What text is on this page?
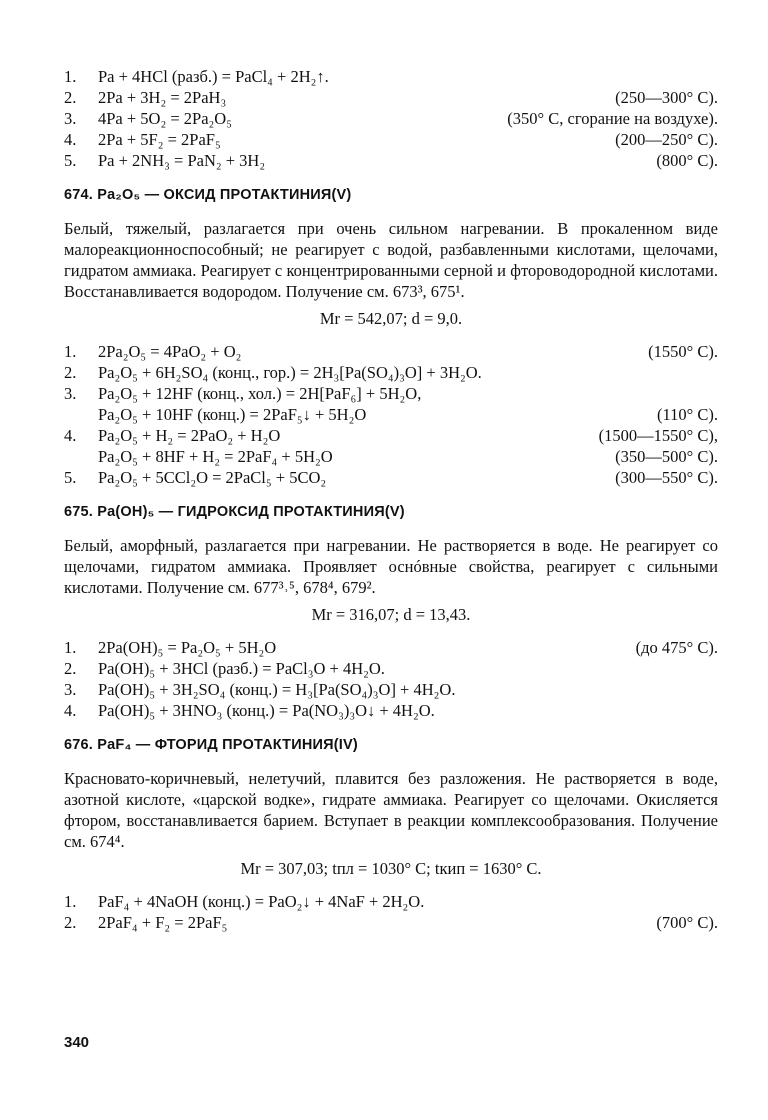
1.	Pa + 4HCl (разб.) = PaCl₄ + 2H₂↑.
2.	2Pa + 3H₂ = 2PaH₃	(250—300° С).
3.	4Pa + 5O₂ = 2Pa₂O₅	(350° С, сгорание на воздухе).
4.	2Pa + 5F₂ = 2PaF₅	(200—250° С).
5.	Pa + 2NH₃ = PaN₂ + 3H₂	(800° С).
674. Pa₂O₅ — ОКСИД ПРОТАКТИНИЯ(V)

Белый, тяжелый, разлагается при очень сильном нагревании. В прокаленном виде малореакционноспособный; не реагирует с водой, разбавленными кислотами, щелочами, гидратом аммиака. Реагирует с концентрированными серной и фтороводородной кислотами. Восстанавливается водородом. Получение см. 673³, 675¹.

Mr = 542,07; d = 9,0.
1.	2Pa₂O₅ = 4PaO₂ + O₂	(1550° С).
2.	Pa₂O₅ + 6H₂SO₄ (конц., гор.) = 2H₃[Pa(SO₄)₃O] + 3H₂O.
3.	Pa₂O₅ + 12HF (конц., хол.) = 2H[PaF₆] + 5H₂O,
Pa₂O₅ + 10HF (конц.) = 2PaF₅↓ + 5H₂O	(110° С).
4.	Pa₂O₅ + H₂ = 2PaO₂ + H₂O	(1500—1550° С),
Pa₂O₅ + 8HF + H₂ = 2PaF₄ + 5H₂O	(350—500° С).
5.	Pa₂O₅ + 5CCl₂O = 2PaCl₅ + 5CO₂	(300—550° С).
675. Pa(OH)₅ — ГИДРОКСИД ПРОТАКТИНИЯ(V)

Белый, аморфный, разлагается при нагревании. Не растворяется в воде. Не реагирует со щелочами, гидратом аммиака. Проявляет оснóвные свойства, реагирует с сильными кислотами. Получение см. 677³˒⁵, 678⁴, 679².

Mr = 316,07; d = 13,43.
1.	2Pa(OH)₅ = Pa₂O₅ + 5H₂O	(до 475° С).
2.	Pa(OH)₅ + 3HCl (разб.) = PaCl₃O + 4H₂O.
3.	Pa(OH)₅ + 3H₂SO₄ (конц.) = H₃[Pa(SO₄)₃O] + 4H₂O.
4.	Pa(OH)₅ + 3HNO₃ (конц.) = Pa(NO₃)₃O↓ + 4H₂O.
676. PaF₄ — ФТОРИД ПРОТАКТИНИЯ(IV)

Красновато-коричневый, нелетучий, плавится без разложения. Не растворяется в воде, азотной кислоте, «царской водке», гидрате аммиака. Реагирует со щелочами. Окисляется фтором, восстанавливается барием. Вступает в реакции комплексообразования. Получение см. 674⁴.

Mr = 307,03; tпл = 1030° С; tкип = 1630° С.
1.	PaF₄ + 4NaOH (конц.) = PaO₂↓ + 4NaF + 2H₂O.
2.	2PaF₄ + F₂ = 2PaF₅	(700° С).
340
